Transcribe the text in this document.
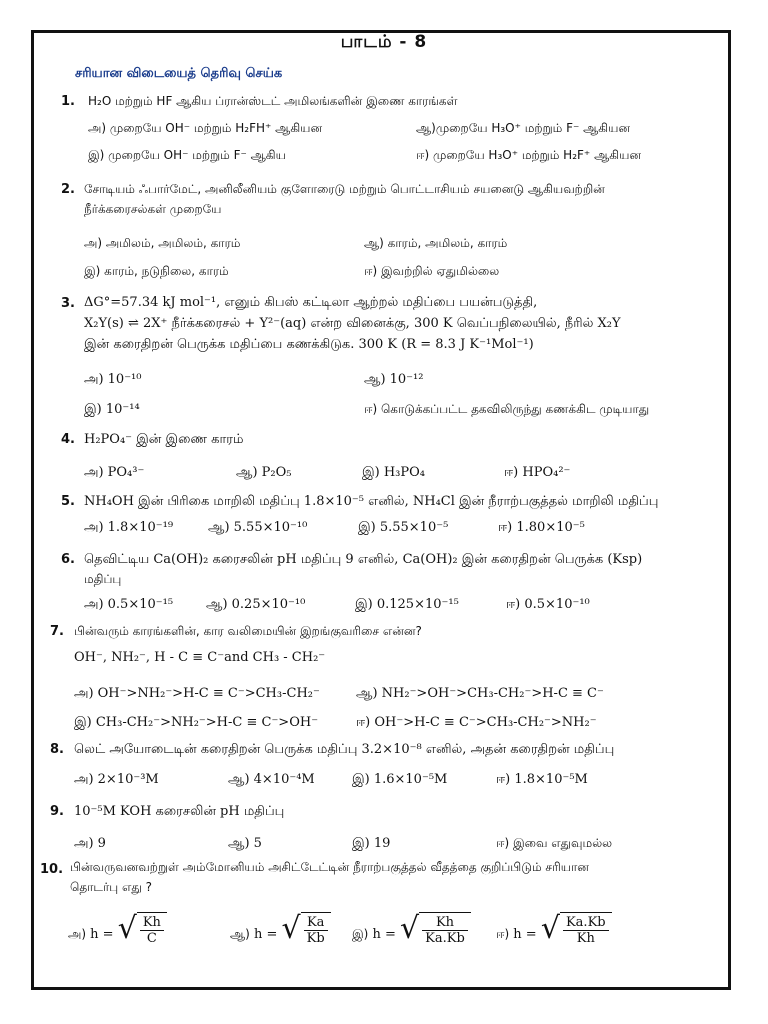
பாடம் - 8
சரியான விடையைத் தெரிவு செய்க
1. H₂O மற்றும் HF ஆகிய ப்ரான்ஸ்டட் அமிலங்களின் இணை காரங்கள்
அ) முறையே OH⁻ மற்றும் H₂FH⁺ ஆகியன	ஆ)முறையே H₃O⁺ மற்றும் F⁻ ஆகியன
இ) முறையே OH⁻ மற்றும் F⁻ ஆகிய	ஈ) முறையே H₃O⁺ மற்றும் H₂F⁺ ஆகியன
2. சோடியம் ஃபார்மேட், அனிலீனியம் குளோரைடு மற்றும் பொட்டாசியம் சயனைடு ஆகியவற்றின்
நீர்க்கரைசல்கள் முறையே
அ) அமிலம், அமிலம், காரம்	ஆ) காரம், அமிலம், காரம்
இ) காரம், நடுநிலை, காரம்	ஈ) இவற்றில் ஏதுமில்லை
3. ΔG°=57.34 kJ mol⁻¹, எனும் கிபஸ் கட்டிலா ஆற்றல் மதிப்பை பயன்படுத்தி,
X₂Y(s) ⇌ 2X⁺ நீர்க்கரைசல் + Y²⁻(aq) என்ற வினைக்கு, 300 K வெப்பநிலையில், நீரில் X₂Y
இன் கரைதிறன் பெருக்க மதிப்பை கணக்கிடுக. 300 K (R = 8.3 J K⁻¹Mol⁻¹)
அ) 10⁻¹⁰	ஆ) 10⁻¹²
இ) 10⁻¹⁴	ஈ) கொடுக்கப்பட்ட தகவிலிருந்து கணக்கிட முடியாது
4. H₂PO₄⁻ இன் இணை காரம்
அ) PO₄³⁻	ஆ) P₂O₅	இ) H₃PO₄	ஈ) HPO₄²⁻
5. NH₄OH இன் பிரிகை மாறிலி மதிப்பு 1.8×10⁻⁵ எனில், NH₄Cl இன் நீராற்பகுத்தல் மாறிலி மதிப்பு
அ) 1.8×10⁻¹⁹	ஆ) 5.55×10⁻¹⁰	இ) 5.55×10⁻⁵	ஈ) 1.80×10⁻⁵
6. தெவிட்டிய Ca(OH)₂ கரைசலின் pH மதிப்பு 9 எனில், Ca(OH)₂ இன் கரைதிறன் பெருக்க (Ksp)
மதிப்பு
அ) 0.5×10⁻¹⁵	ஆ) 0.25×10⁻¹⁰	இ) 0.125×10⁻¹⁵	ஈ) 0.5×10⁻¹⁰
7. பின்வரும் காரங்களின், கார வலிமையின் இறங்குவரிசை என்ன?
OH⁻, NH₂⁻, H - C ≡ C⁻and CH₃ - CH₂⁻
அ) OH⁻>NH₂⁻>H-C ≡ C⁻>CH₃-CH₂⁻	ஆ) NH₂⁻>OH⁻>CH₃-CH₂⁻>H-C ≡ C⁻
இ) CH₃-CH₂⁻>NH₂⁻>H-C ≡ C⁻>OH⁻	ஈ) OH⁻>H-C ≡ C⁻>CH₃-CH₂⁻>NH₂⁻
8. லெட் அயோடைடின் கரைதிறன் பெருக்க மதிப்பு 3.2×10⁻⁸ எனில், அதன் கரைதிறன் மதிப்பு
அ) 2×10⁻³M	ஆ) 4×10⁻⁴M	இ) 1.6×10⁻⁵M	ஈ) 1.8×10⁻⁵M
9. 10⁻⁵M KOH கரைசலின் pH மதிப்பு
அ) 9	ஆ) 5	இ) 19	ஈ) இவை எதுவுமல்ல
10. பின்வருவனவற்றுள் அம்மோனியம் அசிட்டேட்டின் நீராற்பகுத்தல் வீதத்தை குறிப்பிடும் சரியான
தொடர்பு எது ?
அ) h = √ $\frac{Kh}{C}$	ஆ) h = √ $\frac{Ka}{Kb}$ இ) h = √ $\frac{Kh}{Ka.Kb}$ ஈ) h = √ $\frac{Ka.Kb}{Kh}$
